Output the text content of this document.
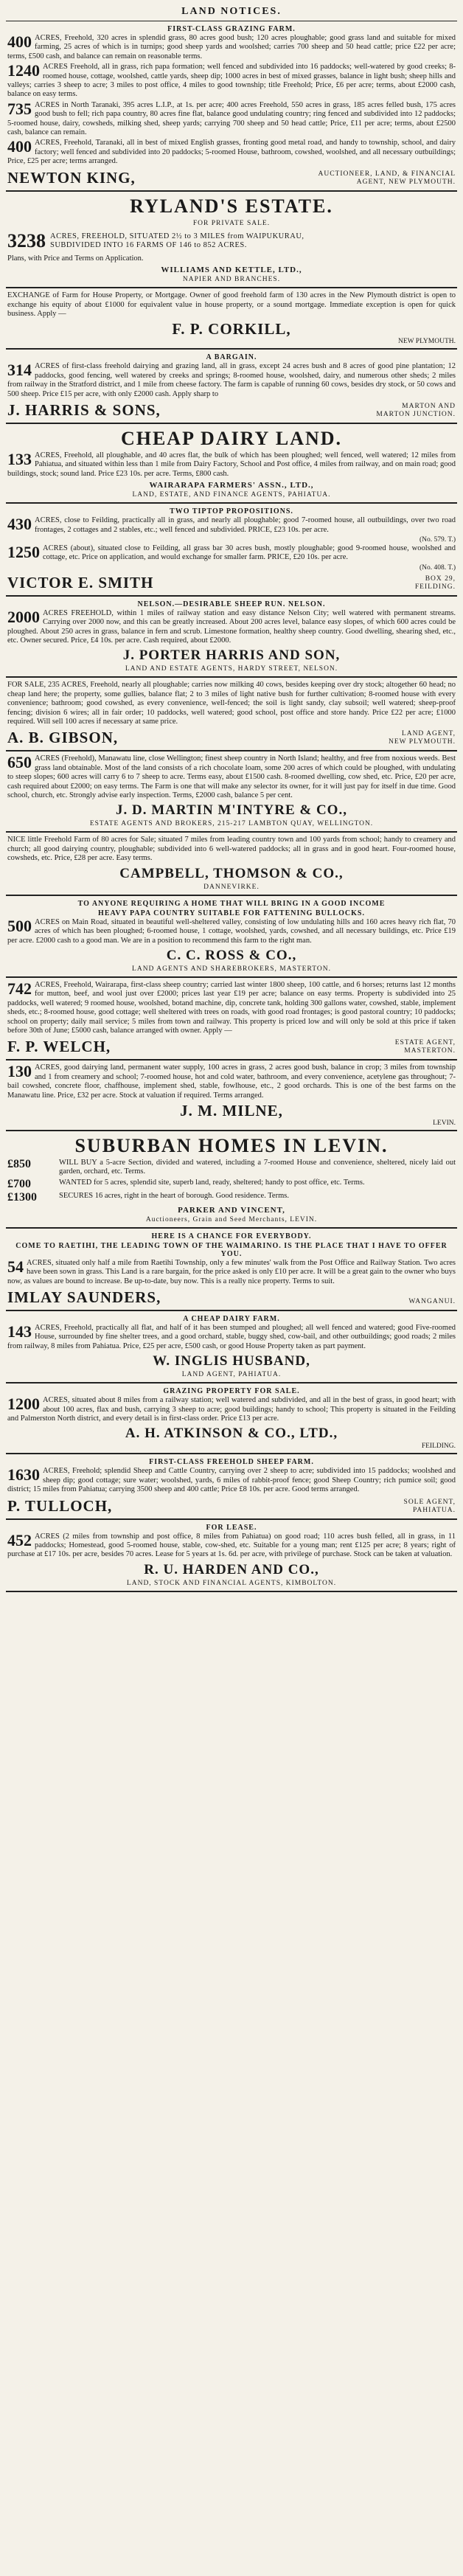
LAND NOTICES.
FIRST-CLASS GRAZING FARM.
400 ACRES, Freehold, 320 acres in splendid grass, 80 acres good bush; 120 acres ploughable; good grass land and suitable for mixed farming, 25 acres of which is in turnips; good sheep yards and woolshed; carries 700 sheep and 50 head cattle; price £22 per acre; terms, £500 cash, and balance can remain on reasonable terms.
1240 ACRES Freehold, all in grass, rich papa formation; well fenced and subdivided into 16 paddocks; well-watered by good creeks; 8-roomed house, cottage, woolshed, cattle yards, sheep dip; 1000 acres in best of mixed grasses, balance in light bush; sheep hills and valleys; carries 3 sheep to acre; 3 miles to post office, 4 miles to good township; title Freehold; Price, £6 per acre; terms, about £2000 cash, balance on easy terms.
735 ACRES in North Taranaki, 395 acres L.I.P., at 1s. per acre; 400 acres Freehold, 550 acres in grass, 185 acres felled bush, 175 acres good bush to fell; rich papa country, 80 acres fine flat, balance good undulating country; ring fenced and subdivided into 12 paddocks; 5-roomed house, dairy, cowsheds, milking shed, sheep yards; carrying 700 sheep and 50 head cattle; Price, £11 per acre; terms, about £2500 cash, balance can remain.
400 ACRES, Freehold, Taranaki, all in best of mixed English grasses, fronting good metal road, and handy to township, school, and dairy factory; well fenced and subdivided into 20 paddocks; 5-roomed House, bathroom, cowshed, woolshed, and all necessary outbuildings; Price, £25 per acre; terms arranged.
NEWTON KING,	AUCTIONEER, LAND, & FINANCIAL
AGENT, NEW PLYMOUTH.
RYLAND'S ESTATE.
FOR PRIVATE SALE.
3238 ACRES, FREEHOLD, SITUATED 2½ to 3 MILES from WAIPUKURAU,
SUBDIVIDED INTO 16 FARMS OF 146 to 852 ACRES.
Plans, with Price and Terms on Application.
WILLIAMS AND KETTLE, LTD.,
NAPIER AND BRANCHES.
EXCHANGE of Farm for House Property, or Mortgage. Owner of good freehold farm of 130 acres in the New Plymouth district is open to exchange his equity of about £1000 for equivalent value in house property, or a sound mortgage. Immediate exception is open for quick business. Apply —
F. P. CORKILL,
NEW PLYMOUTH.
A BARGAIN.
314 ACRES of first-class freehold dairying and grazing land, all in grass, except 24 acres bush and 8 acres of good pine plantation; 12 paddocks, good fencing, well watered by creeks and springs; 8-roomed house, woolshed, dairy, and numerous other sheds; 2 miles from railway in the Stratford district, and 1 mile from cheese factory. The farm is capable of running 60 cows, besides dry stock, or 50 cows and 500 sheep. Price £15 per acre, with only £2000 cash. Apply sharp to
J. HARRIS & SONS,	MARTON AND
MARTON JUNCTION.
CHEAP DAIRY LAND.
133 ACRES, Freehold, all ploughable, and 40 acres flat, the bulk of which has been ploughed; well fenced, well watered; 12 miles from Pahiatua, and situated within less than 1 mile from Dairy Factory, School and Post office, 4 miles from railway, and on main road; good buildings, stock; sound land. Price £23 10s. per acre. Terms, £800 cash.
WAIRARAPA FARMERS' ASSN., LTD.,
LAND, ESTATE, AND FINANCE AGENTS, PAHIATUA.
TWO TIPTOP PROPOSITIONS.
430 ACRES, close to Feilding, practically all in grass, and nearly all ploughable; good 7-roomed house, all outbuildings, over two road frontages, 2 cottages and 2 stables, etc.; well fenced and subdivided. PRICE, £23 10s. per acre.
(No. 579. T.)
1250 ACRES (about), situated close to Feilding, all grass bar 30 acres bush, mostly ploughable; good 9-roomed house, woolshed and cottage, etc. Price on application, and would exchange for smaller farm. PRICE, £20 10s. per acre.
(No. 408. T.)
VICTOR E. SMITH	BOX 29,
FEILDING.
NELSON.—DESIRABLE SHEEP RUN. NELSON.
2000 ACRES FREEHOLD, within 1 miles of railway station and easy distance Nelson City; well watered with permanent streams. Carrying over 2000 now, and this can be greatly increased. About 200 acres level, balance easy slopes, of which 600 acres could be ploughed. About 250 acres in grass, balance in fern and scrub. Limestone formation, healthy sheep country. Good dwelling, shearing shed, etc., etc. Owner secured. Price, £4 10s. per acre. Cash required, about £2000.
J. PORTER HARRIS AND SON,
LAND AND ESTATE AGENTS, HARDY STREET, NELSON.
FOR SALE, 235 ACRES, Freehold, nearly all ploughable; carries now milking 40 cows, besides keeping over dry stock; altogether 60 head; no cheap land here; the property, some gullies, balance flat; 2 to 3 miles of light native bush for further cultivation; 8-roomed house with every convenience; bathroom; good cowshed, as every convenience, well-fenced; the soil is light sandy, clay subsoil; well watered; sheep-proof fencing; division 6 wires; all in fair order; 10 paddocks, well watered; good school, post office and store handy. Price £22 per acre; £1000 required. Will sell 100 acres if necessary at same price.
A. B. GIBSON,	LAND AGENT,
NEW PLYMOUTH.
650 ACRES (Freehold), Manawatu line, close Wellington; finest sheep country in North Island; healthy, and free from noxious weeds. Best grass land obtainable. Most of the land consists of a rich chocolate loam, some 200 acres of which could be ploughed, with undulating to steep slopes; 600 acres will carry 6 to 7 sheep to acre. Terms easy, about £1500 cash. 8-roomed dwelling, cow shed, etc. Price, £20 per acre, cash required about £2000; on easy terms. The Farm is one that will make any selector its owner, for it will just pay for itself in due time. Good school, church, etc. Strongly advise early inspection. Terms, £2000 cash, balance 5 per cent.
J. D. MARTIN M'INTYRE & CO.,
ESTATE AGENTS AND BROKERS, 215-217 LAMBTON QUAY, WELLINGTON.
NICE little Freehold Farm of 80 acres for Sale; situated 7 miles from leading country town and 100 yards from school; handy to creamery and church; all good dairying country, ploughable; subdivided into 6 well-watered paddocks; all in grass and in good heart. Four-roomed house, cowsheds, etc. Price, £28 per acre. Easy terms.
CAMPBELL, THOMSON & CO.,
DANNEVIRKE.
TO ANYONE REQUIRING A HOME THAT WILL BRING IN A GOOD INCOME
HEAVY PAPA COUNTRY SUITABLE FOR FATTENING BULLOCKS.
500 ACRES on Main Road, situated in beautiful well-sheltered valley, consisting of low undulating hills and 160 acres heavy rich flat, 70 acres of which has been ploughed; 6-roomed house, 1 cottage, woolshed, yards, cowshed, and all necessary buildings, etc. Price £19 per acre. £2000 cash to a good man. We are in a position to recommend this farm to the right man.
C. C. ROSS & CO.,
LAND AGENTS AND SHAREBROKERS, MASTERTON.
742 ACRES, Freehold, Wairarapa, first-class sheep country; carried last winter 1800 sheep, 100 cattle, and 6 horses; returns last 12 months for mutton, beef, and wool just over £2000; prices last year £19 per acre; balance on easy terms. Property is subdivided into 25 paddocks, well watered; 9 roomed house, woolshed, botand machine, dip, concrete tank, holding 300 gallons water, cowshed, stable, implement sheds, etc.; 8-roomed house, good cottage; well sheltered with trees on roads, with good road frontages; is good pastoral country; 10 paddocks; school on property; daily mail service; 5 miles from town and railway. This property is priced low and will only be sold at this price if taken before 30th of June; £5000 cash, balance arranged with owner. Apply —
F. P. WELCH,	ESTATE AGENT,
MASTERTON.
130 ACRES, good dairying land, permanent water supply, 100 acres in grass, 2 acres good bush, balance in crop; 3 miles from township and 1 from creamery and school; 7-roomed house, hot and cold water, bathroom, and every convenience, acetylene gas throughout; 7-bail cowshed, concrete floor, chaffhouse, implement shed, stable, fowlhouse, etc., 2 good orchards. This is one of the best farms on the Manawatu line. Price, £32 per acre. Stock at valuation if required. Terms arranged.
J. M. MILNE,
LEVIN.
SUBURBAN HOMES IN LEVIN.
£850	WILL BUY a 5-acre Section, divided and watered, including a 7-roomed House and convenience, sheltered, nicely laid out garden, orchard, etc. Terms.
£700	WANTED for 5 acres, splendid site, superb land, ready, sheltered; handy to post office, etc. Terms.
£1300	SECURES 16 acres, right in the heart of borough. Good residence. Terms.
PARKER AND VINCENT,
Auctioneers, Grain and Seed Merchants, LEVIN.
HERE IS A CHANCE FOR EVERYBODY.
COME TO RAETIHI, THE LEADING TOWN OF THE WAIMARINO. IS THE PLACE THAT I HAVE TO OFFER YOU.
54 ACRES, situated only half a mile from Raetihi Township, only a few minutes' walk from the Post Office and Railway Station. Two acres have been sown in grass. This Land is a rare bargain, for the price asked is only £10 per acre. It will be a great gain to the owner who buys now, as values are bound to increase. Be up-to-date, buy now. This is a really nice property. Terms to suit.
IMLAY SAUNDERS,	WANGANUI.
A CHEAP DAIRY FARM.
143 ACRES, Freehold, practically all flat, and half of it has been stumped and ploughed; all well fenced and watered; good Five-roomed House, surrounded by fine shelter trees, and a good orchard, stable, buggy shed, cow-bail, and other outbuildings; good roads; 2 miles from railway, 8 miles from Pahiatua. Price, £25 per acre, £500 cash, or good House Property taken as part payment.
W. INGLIS HUSBAND,
LAND AGENT, PAHIATUA.
GRAZING PROPERTY FOR SALE.
1200 ACRES, situated about 8 miles from a railway station; well watered and subdivided, and all in the best of grass, in good heart; with about 100 acres, flax and bush, carrying 3 sheep to acre; good buildings; handy to school; This property is situated in the Feilding and Palmerston North district, and every detail is in first-class order. Price £13 per acre.
A. H. ATKINSON & CO., LTD.,
FEILDING.
FIRST-CLASS FREEHOLD SHEEP FARM.
1630 ACRES, Freehold; splendid Sheep and Cattle Country, carrying over 2 sheep to acre; subdivided into 15 paddocks; woolshed and sheep dip; good cottage; sure water; woolshed, yards, 6 miles of rabbit-proof fence; good Sheep Country; rich pumice soil; good district; 15 miles from Pahiatua; carrying 3500 sheep and 400 cattle; Price £8 10s. per acre. Good terms arranged.
P. TULLOCH,	SOLE AGENT,
PAHIATUA.
FOR LEASE.
452 ACRES (2 miles from township and post office, 8 miles from Pahiatua) on good road; 110 acres bush felled, all in grass, in 11 paddocks; Homestead, good 5-roomed house, stable, cow-shed, etc. Suitable for a young man; rent £125 per acre; 8 years; right of purchase at £17 10s. per acre, besides 70 acres. Lease for 5 years at 1s. 6d. per acre, with privilege of purchase. Stock can be taken at valuation.
R. U. HARDEN AND CO.,
LAND, STOCK AND FINANCIAL AGENTS, KIMBOLTON.
